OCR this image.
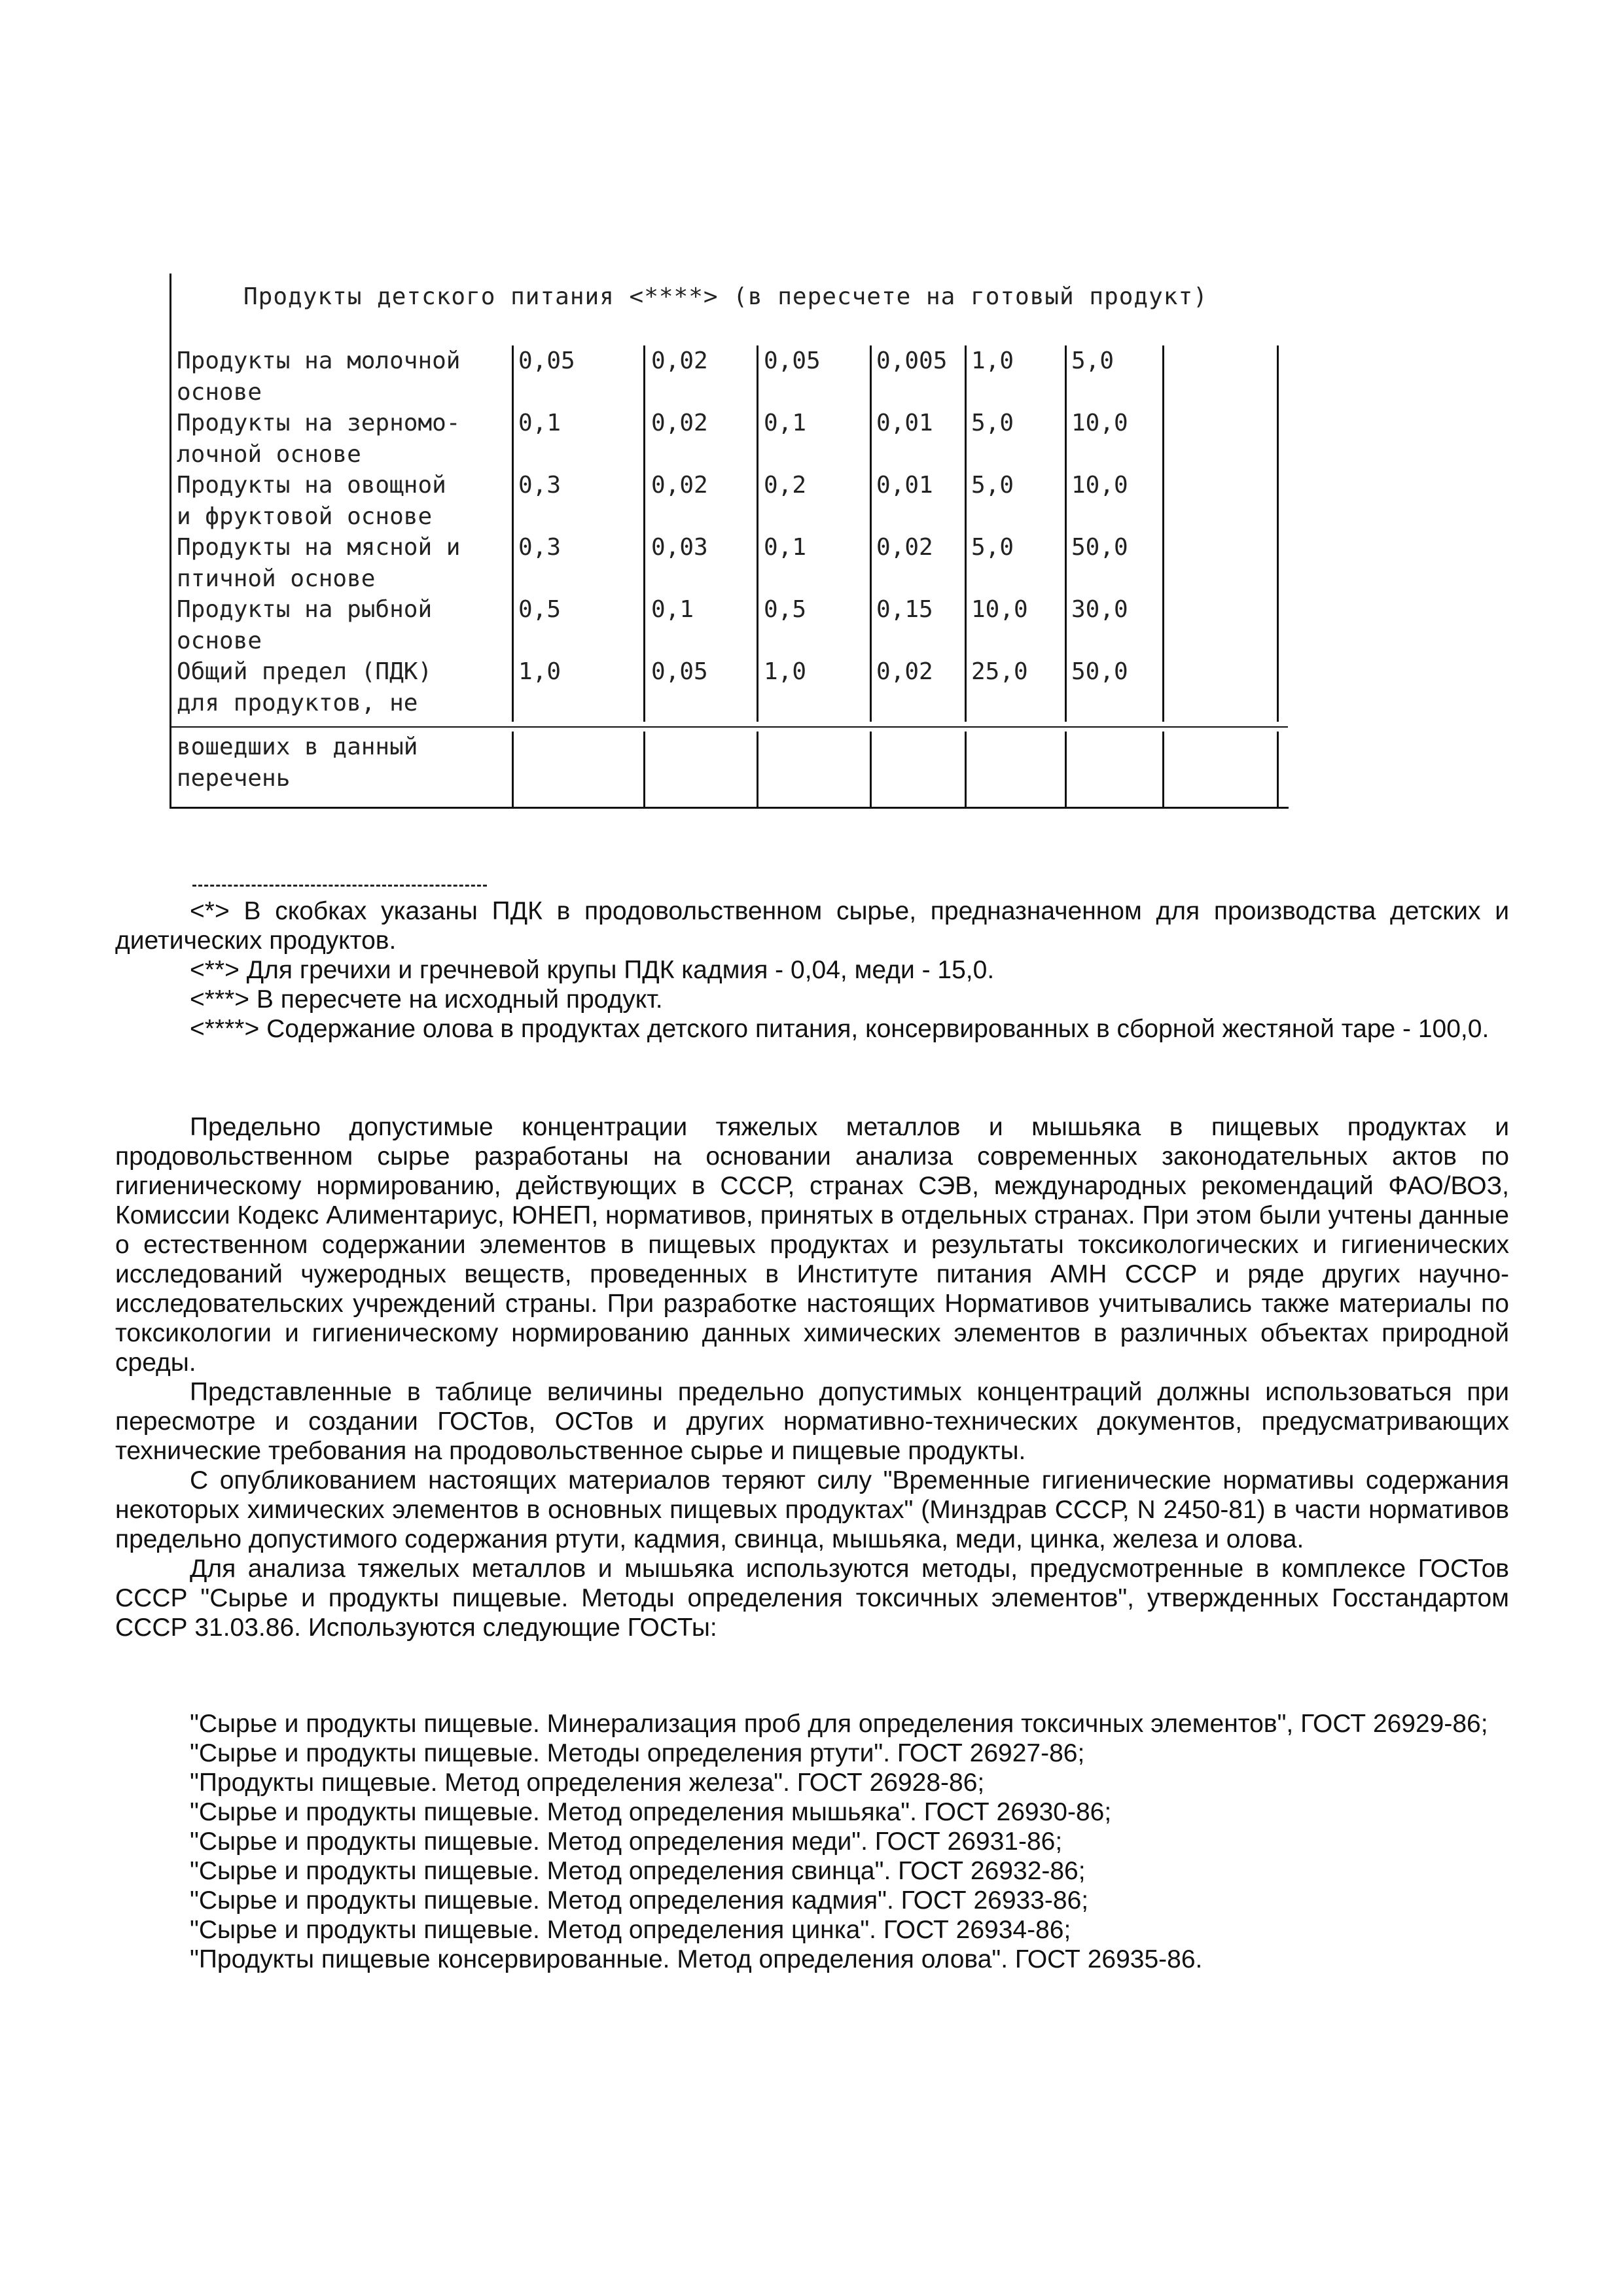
Продукты детского питания <****> (в пересчете на готовый продукт)
Продукты на молочной
основе
0,05	0,02 0,05 0,005 1,0 5,0
Продукты на зерномо-
лочной основе
0,1	0,02 0,1	0,01 5,0 10,0
Продукты на овощной
и фруктовой основе
0,3	0,02 0,2	0,01 5,0 10,0
Продукты на мясной и
птичной основе
0,3	0,03 0,1	0,02 5,0 50,0
Продукты на рыбной
основе
0,5	0,1	0,5	0,15 10,0 30,0
Общий предел (ПДК)
для продуктов, не
1,0	0,05 1,0	0,02 25,0 50,0
вошедших в данный
перечень

<*> В скобках указаны ПДК в продовольственном сырье, предназначенном для производства детских и диетических продуктов.

<**> Для гречихи и гречневой крупы ПДК кадмия - 0,04, меди - 15,0.

<***> В пересчете на исходный продукт.

<****> Содержание олова в продуктах детского питания, консервированных в сборной жестяной таре - 100,0.

Предельно допустимые концентрации тяжелых металлов и мышьяка в пищевых продуктах и продовольственном сырье разработаны на основании анализа современных законодательных актов по гигиеническому нормированию, действующих в СССР, странах СЭВ, международных рекомендаций ФАО/ВОЗ, Комиссии Кодекс Алиментариус, ЮНЕП, нормативов, принятых в отдельных странах. При этом были учтены данные о естественном содержании элементов в пищевых продуктах и результаты токсикологических и гигиенических исследований чужеродных веществ, проведенных в Институте питания АМН СССР и ряде других научно-исследовательских учреждений страны. При разработке настоящих Нормативов учитывались также материалы по токсикологии и гигиеническому нормированию данных химических элементов в различных объектах природной среды.

Представленные в таблице величины предельно допустимых концентраций должны использоваться при пересмотре и создании ГОСТов, ОСТов и других нормативно-технических документов, предусматривающих технические требования на продовольственное сырье и пищевые продукты.

С опубликованием настоящих материалов теряют силу "Временные гигиенические нормативы содержания некоторых химических элементов в основных пищевых продуктах" (Минздрав СССР, N 2450-81) в части нормативов предельно допустимого содержания ртути, кадмия, свинца, мышьяка, меди, цинка, железа и олова.

Для анализа тяжелых металлов и мышьяка используются методы, предусмотренные в комплексе ГОСТов СССР "Сырье и продукты пищевые. Методы определения токсичных элементов", утвержденных Госстандартом СССР 31.03.86. Используются следующие ГОСТы:

"Сырье и продукты пищевые. Минерализация проб для определения токсичных элементов", ГОСТ 26929-86;

"Сырье и продукты пищевые. Методы определения ртути". ГОСТ 26927-86;

"Продукты пищевые. Метод определения железа". ГОСТ 26928-86;

"Сырье и продукты пищевые. Метод определения мышьяка". ГОСТ 26930-86;

"Сырье и продукты пищевые. Метод определения меди". ГОСТ 26931-86;

"Сырье и продукты пищевые. Метод определения свинца". ГОСТ 26932-86;

"Сырье и продукты пищевые. Метод определения кадмия". ГОСТ 26933-86;

"Сырье и продукты пищевые. Метод определения цинка". ГОСТ 26934-86;

"Продукты пищевые консервированные. Метод определения олова". ГОСТ 26935-86.
